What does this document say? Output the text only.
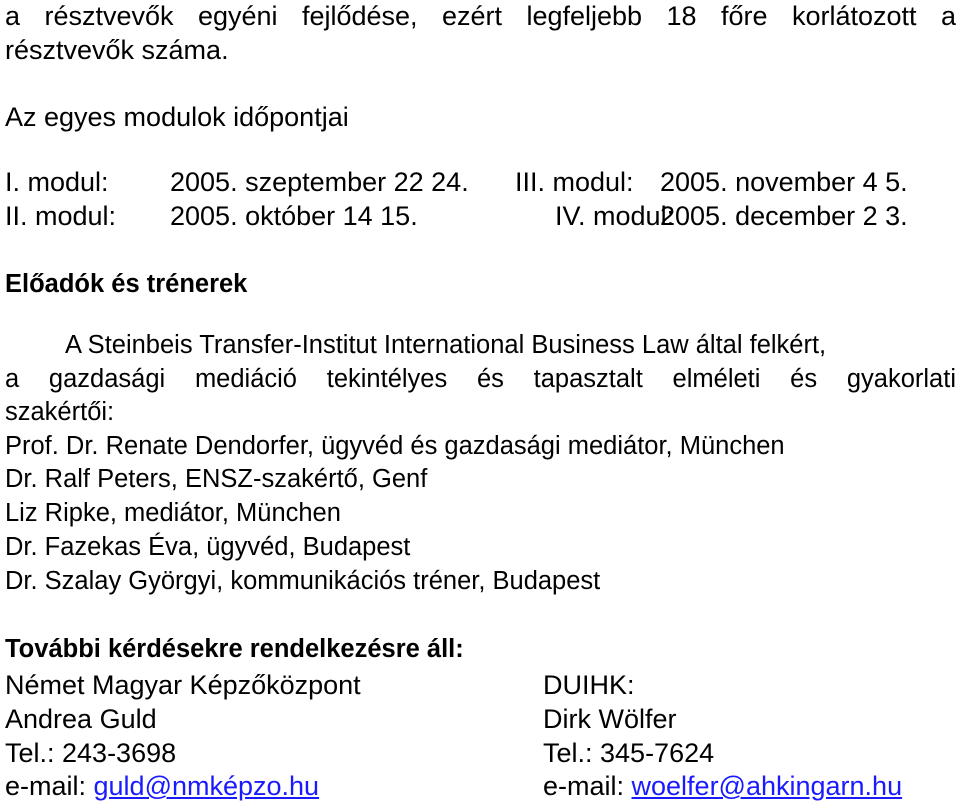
a résztvevők egyéni fejlődése, ezért legfeljebb 18 főre korlátozott a
résztvevők száma.
Az egyes modulok időpontjai
I. modul: 2005. szeptember 22 24. III. modul: 2005. november 4 5.
II. modul: 2005. október 14 15.	IV. modul:
2005. december 2 3.
Előadók és trénerek
A Steinbeis Transfer-Institut International Business Law által felkért,
a gazdasági mediáció tekintélyes és tapasztalt elméleti és gyakorlati
szakértői:
Prof. Dr. Renate Dendorfer, ügyvéd és gazdasági mediátor, München
Dr. Ralf Peters, ENSZ-szakértő, Genf
Liz Ripke, mediátor, München
Dr. Fazekas Éva, ügyvéd, Budapest
Dr. Szalay Györgyi, kommunikációs tréner, Budapest
További kérdésekre rendelkezésre áll:
Német Magyar Képzőközpont
Andrea Guld
Tel.: 243-3698
e-mail: guld@nmképzo.hu
DUIHK:
Dirk Wölfer
Tel.: 345-7624
e-mail: woelfer@ahkingarn.hu
